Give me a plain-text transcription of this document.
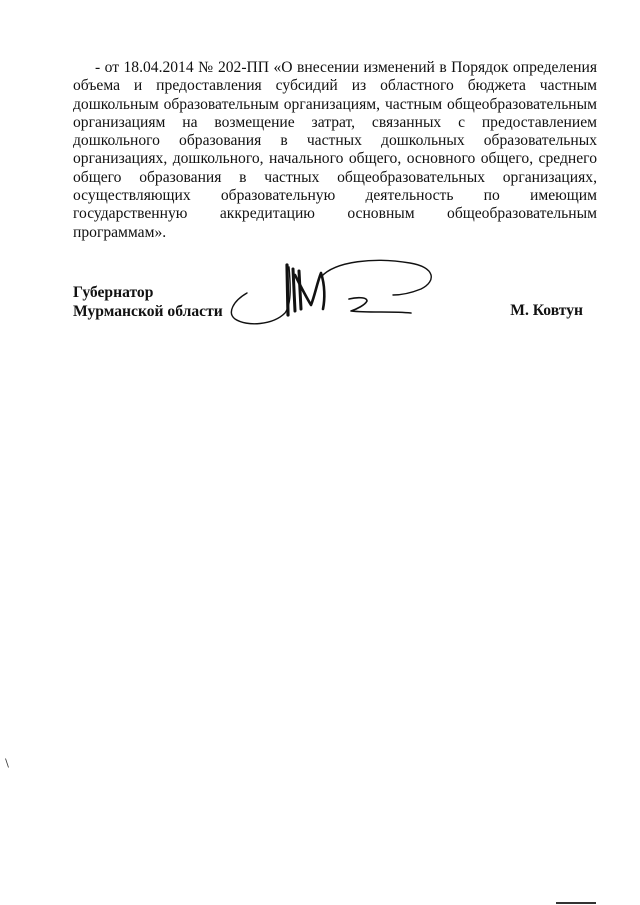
- от 18.04.2014 № 202-ПП «О внесении изменений в Порядок определения объема и предоставления субсидий из областного бюджета частным дошкольным образовательным организациям, частным общеобразовательным организациям на возмещение затрат, связанных с предоставлением дошкольного образования в частных дошкольных образовательных организациях, дошкольного, начального общего, основного общего, среднего общего образования в частных общеобразовательных организациях, осуществляющих образовательную деятельность по имеющим государственную аккредитацию основным общеобразовательным программам».

Губернатор
Мурманской области	М. Ковтун
